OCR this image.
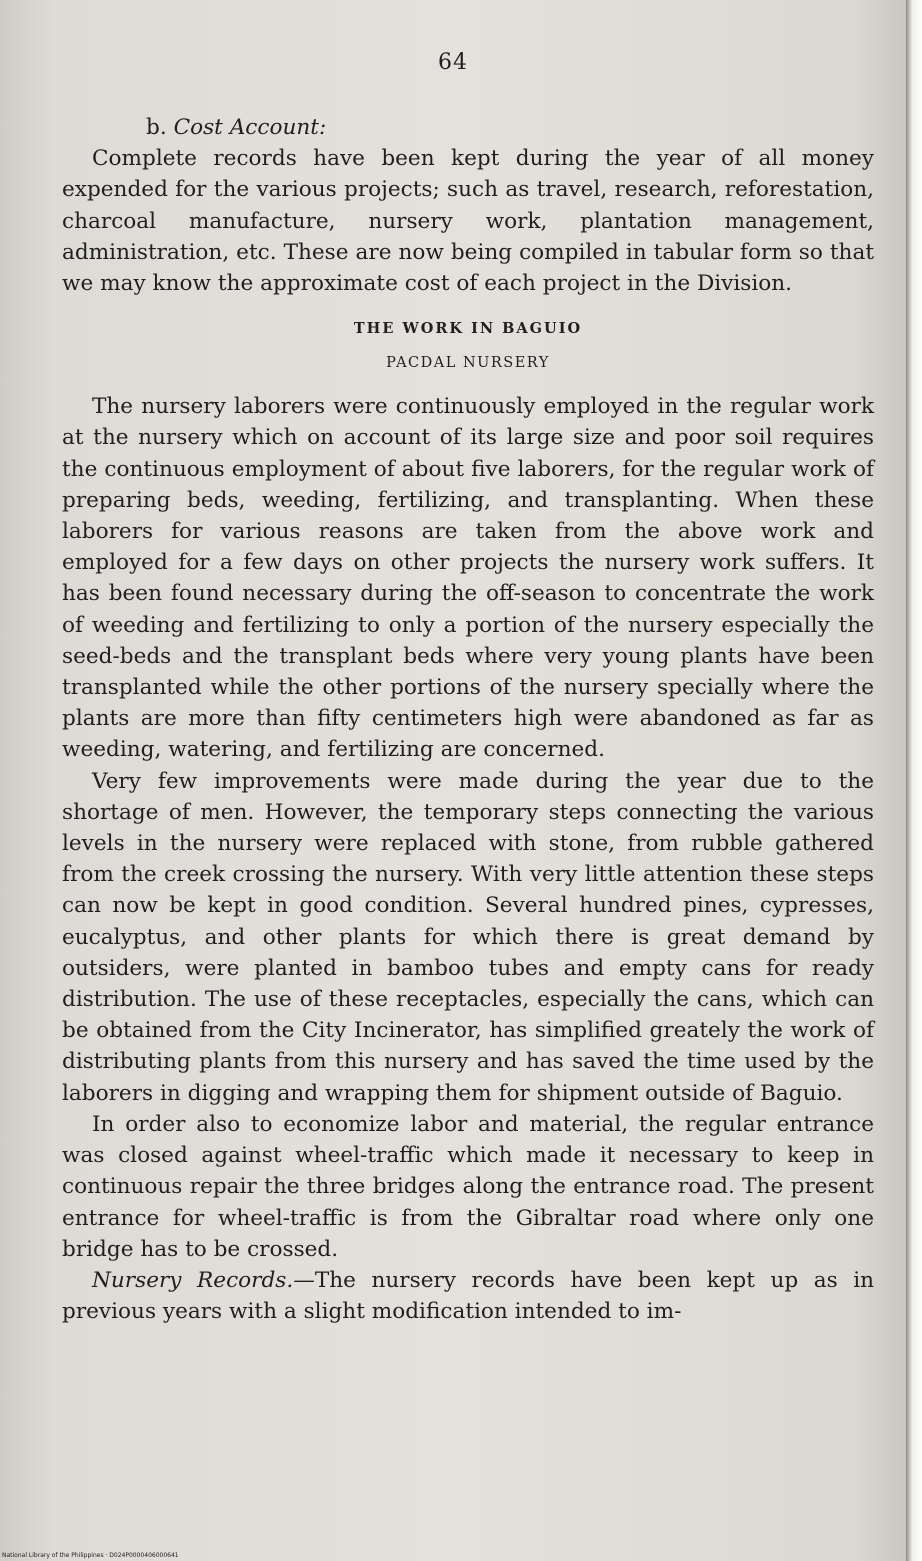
64
b. Cost Account:

Complete records have been kept during the year of all money expended for the various projects; such as travel, research, reforestation, charcoal manufacture, nursery work, plantation management, administration, etc. These are now being compiled in tabular form so that we may know the approximate cost of each project in the Division.

THE WORK IN BAGUIO
PACDAL NURSERY

The nursery laborers were continuously employed in the regular work at the nursery which on account of its large size and poor soil requires the continuous employment of about five laborers, for the regular work of preparing beds, weeding, fertilizing, and transplanting. When these laborers for various reasons are taken from the above work and employed for a few days on other projects the nursery work suffers. It has been found necessary during the off-season to concentrate the work of weeding and fertilizing to only a portion of the nursery especially the seed-beds and the transplant beds where very young plants have been transplanted while the other portions of the nursery specially where the plants are more than fifty centimeters high were abandoned as far as weeding, watering, and fertilizing are concerned.

Very few improvements were made during the year due to the shortage of men. However, the temporary steps connecting the various levels in the nursery were replaced with stone, from rubble gathered from the creek crossing the nursery. With very little attention these steps can now be kept in good condition. Several hundred pines, cypresses, eucalyptus, and other plants for which there is great demand by outsiders, were planted in bamboo tubes and empty cans for ready distribution. The use of these receptacles, especially the cans, which can be obtained from the City Incinerator, has simplified greately the work of distributing plants from this nursery and has saved the time used by the laborers in digging and wrapping them for shipment outside of Baguio.

In order also to economize labor and material, the regular entrance was closed against wheel-traffic which made it necessary to keep in continuous repair the three bridges along the entrance road. The present entrance for wheel-traffic is from the Gibraltar road where only one bridge has to be crossed.

Nursery Records.—The nursery records have been kept up as in previous years with a slight modification intended to im-

National Library of the Philippines · D024P0000406000641
